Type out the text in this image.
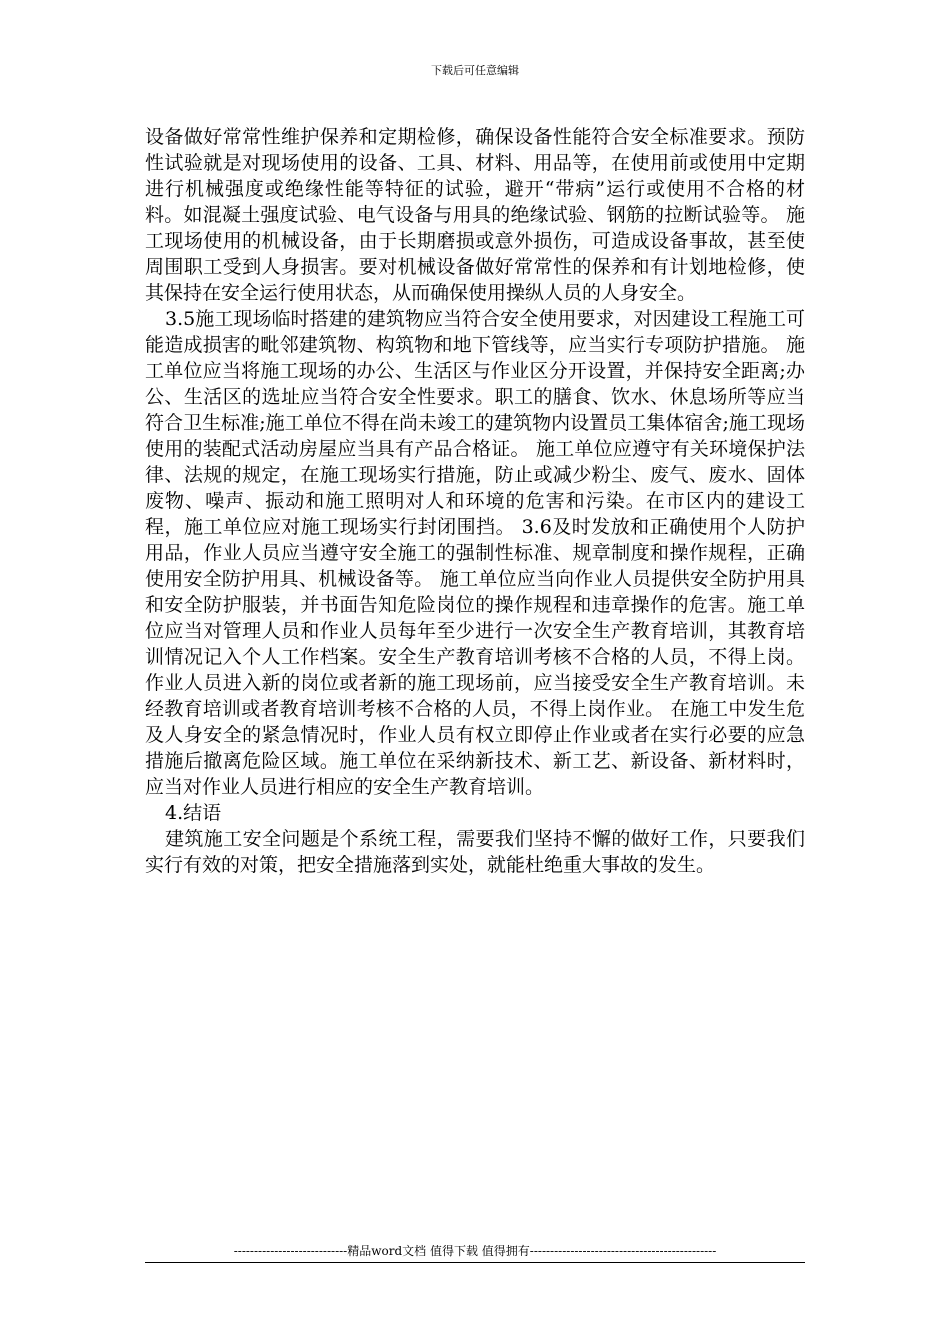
下载后可任意编辑

设备做好常常性维护保养和定期检修，确保设备性能符合安全标准要求。预防性试验就是对现场使用的设备、工具、材料、用品等，在使用前或使用中定期进行机械强度或绝缘性能等特征的试验，避开“带病”运行或使用不合格的材料。如混凝土强度试验、电气设备与用具的绝缘试验、钢筋的拉断试验等。 施工现场使用的机械设备，由于长期磨损或意外损伤，可造成设备事故，甚至使周围职工受到人身损害。要对机械设备做好常常性的保养和有计划地检修，使其保持在安全运行使用状态，从而确保使用操纵人员的人身安全。

3.5施工现场临时搭建的建筑物应当符合安全使用要求，对因建设工程施工可能造成损害的毗邻建筑物、构筑物和地下管线等，应当实行专项防护措施。 施工单位应当将施工现场的办公、生活区与作业区分开设置，并保持安全距离;办公、生活区的选址应当符合安全性要求。职工的膳食、饮水、休息场所等应当符合卫生标准;施工单位不得在尚未竣工的建筑物内设置员工集体宿舍;施工现场使用的装配式活动房屋应当具有产品合格证。 施工单位应遵守有关环境保护法律、法规的规定，在施工现场实行措施，防止或减少粉尘、废气、废水、固体废物、噪声、振动和施工照明对人和环境的危害和污染。在市区内的建设工程，施工单位应对施工现场实行封闭围挡。 3.6及时发放和正确使用个人防护用品，作业人员应当遵守安全施工的强制性标准、规章制度和操作规程，正确使用安全防护用具、机械设备等。 施工单位应当向作业人员提供安全防护用具和安全防护服装，并书面告知危险岗位的操作规程和违章操作的危害。施工单位应当对管理人员和作业人员每年至少进行一次安全生产教育培训，其教育培训情况记入个人工作档案。安全生产教育培训考核不合格的人员，不得上岗。作业人员进入新的岗位或者新的施工现场前，应当接受安全生产教育培训。未经教育培训或者教育培训考核不合格的人员，不得上岗作业。 在施工中发生危及人身安全的紧急情况时，作业人员有权立即停止作业或者在实行必要的应急措施后撤离危险区域。施工单位在采纳新技术、新工艺、新设备、新材料时，应当对作业人员进行相应的安全生产教育培训。

4.结语

建筑施工安全问题是个系统工程，需要我们坚持不懈的做好工作，只要我们实行有效的对策，把安全措施落到实处，就能杜绝重大事故的发生。

----------------------------精品word文档 值得下载 值得拥有----------------------------------------------
